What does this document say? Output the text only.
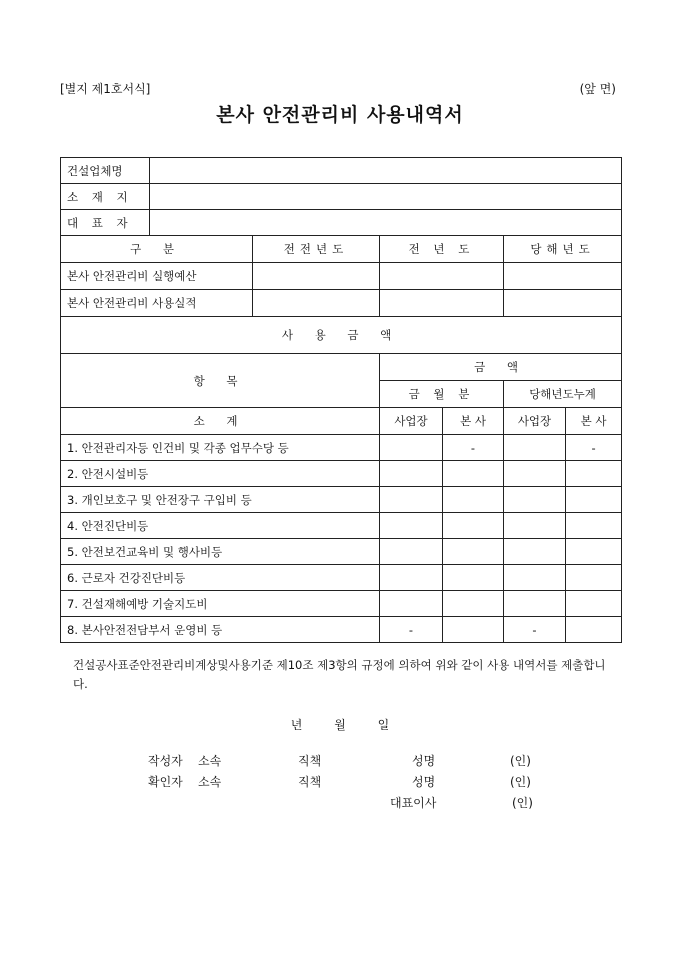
[별지 제1호서식]	(앞 면)
본사 안전관리비 사용내역서
건설업체명						
소 재 지						
대 표 자						
구 분		전전년도	전 년 도		당해년도	
본사 안전관리비 실행예산						
본사 안전관리비 사용실적						
사 용 금 액						
항 목			금 액			
			금 월 분		당해년도누계	
소 계			사업장	본 사	사업장	본 사
1. 안전관리자등 인건비 및 각종 업무수당 등				-		-
2. 안전시설비등						
3. 개인보호구 및 안전장구 구입비 등						
4. 안전진단비등						
5. 안전보건교육비 및 행사비등						
6. 근로자 건강진단비등						
7. 건설재해예방 기술지도비						
8. 본사안전전담부서 운영비 등			-		-	
건설공사표준안전관리비계상및사용기준 제10조 제3항의 규정에 의하여 위와 같이 사용 내역서를 제출합니다.
년 월 일
작성자 소속	직책	성명	(인)
확인자 소속	직책	성명	(인)
대표이사	(인)
